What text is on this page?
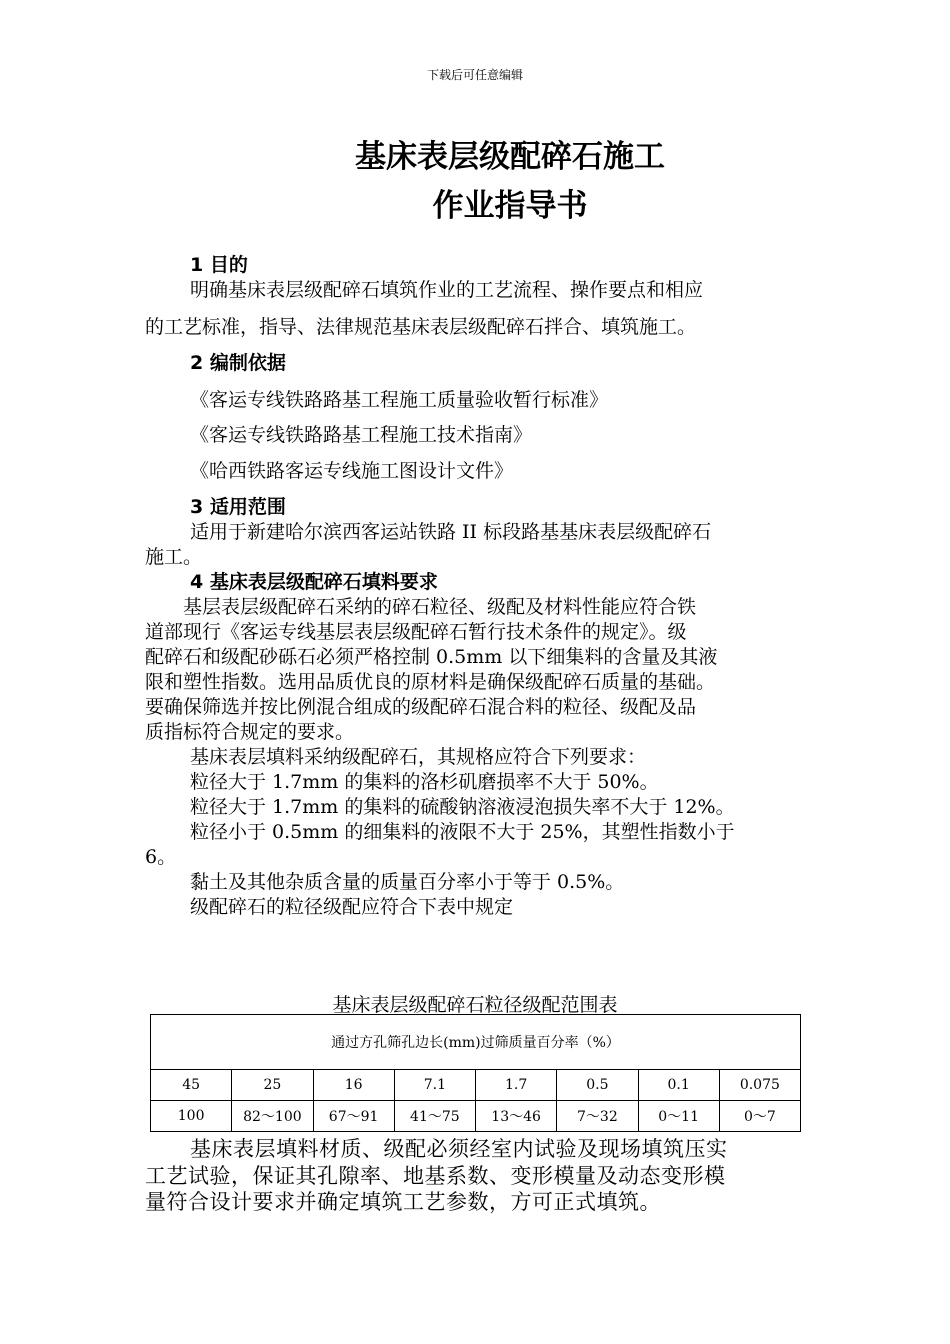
下载后可任意编辑
基床表层级配碎石施工
作业指导书
1 目的
明确基床表层级配碎石填筑作业的工艺流程、操作要点和相应
的工艺标准，指导、法律规范基床表层级配碎石拌合、填筑施工。
2 编制依据
《客运专线铁路路基工程施工质量验收暂行标准》
《客运专线铁路路基工程施工技术指南》
《哈西铁路客运专线施工图设计文件》
3 适用范围
适用于新建哈尔滨西客运站铁路 II 标段路基基床表层级配碎石
施工。
4 基床表层级配碎石填料要求
基层表层级配碎石采纳的碎石粒径、级配及材料性能应符合铁
道部现行《客运专线基层表层级配碎石暂行技术条件的规定》。级
配碎石和级配砂砾石必须严格控制 0.5mm 以下细集料的含量及其液
限和塑性指数。选用品质优良的原材料是确保级配碎石质量的基础。
要确保筛选并按比例混合组成的级配碎石混合料的粒径、级配及品
质指标符合规定的要求。
基床表层填料采纳级配碎石，其规格应符合下列要求：
粒径大于 1.7mm 的集料的洛杉矶磨损率不大于 50%。
粒径大于 1.7mm 的集料的硫酸钠溶液浸泡损失率不大于 12%。
粒径小于 0.5mm 的细集料的液限不大于 25%，其塑性指数小于
6。
黏土及其他杂质含量的质量百分率小于等于 0.5%。
级配碎石的粒径级配应符合下表中规定
基床表层级配碎石粒径级配范围表
通过方孔筛孔边长(mm)过筛质量百分率（%）							
45	25	16	7.1	1.7	0.5	0.1	0.075
100	82～100	67～91	41～75	13～46	7～32	0～11	0～7
基床表层填料材质、级配必须经室内试验及现场填筑压实
工艺试验，保证其孔隙率、地基系数、变形模量及动态变形模
量符合设计要求并确定填筑工艺参数，方可正式填筑。
